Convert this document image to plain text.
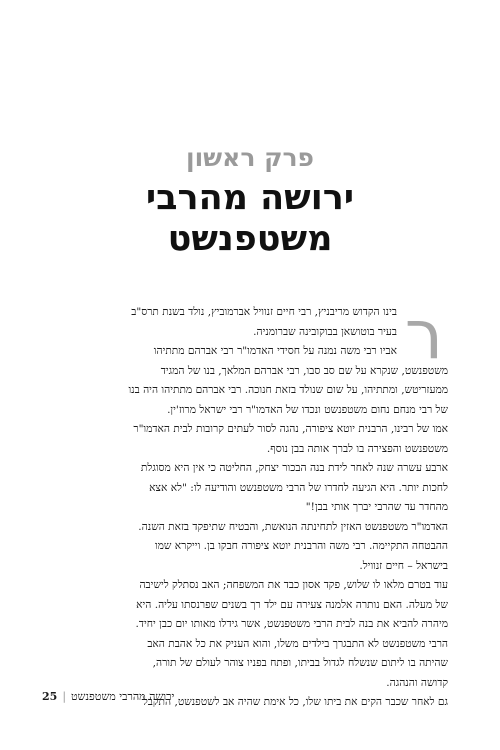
פרק ראשון
ירושה מהרבי
משטפנשט
ר
בינו הקדוש מריבניץ, רבי חיים זנוויל אברמוביץ, נולד בשנת תרס"ב
בעיר בוטושאן בבוקובינה שברומניה.
אביו רבי משה נמנה על חסידי האדמו"ר רבי אברהם מתתיהו
משטפנשט, שנקרא על שם סב סבו, רבי אברהם המלאך, בנו של המגיד
ממעזריטש, ומתתיהו, על שום שנולד בזאת חנוכה. רבי אברהם מתתיהו היה בנו
של רבי מנחם נחום משטפנשט ונכדו של האדמו"ר רבי ישראל מרוז'ין.
אמו של רבינו, הרבנית יוטא ציפורה, נהגה לסור לעתים קרובות לבית האדמו"ר
משטפנשט והפצירה בו לברך אותה בבן נוסף.
ארבע עשרה שנה לאחר לידת בנה הבכור יצחק, החליטה כי אין היא מסוגלת
לחכות יותר. היא הגיעה לחדרו של הרבי משטפנשט והודיעה לו: "לא אצא
מהחדר עד שהרבי יברך אותי בבן!"
האדמו"ר משטפנשט האזין לתחינתה הנואשת, והבטיח שתיפקד בזאת השנה.
ההבטחה התקיימה. רבי משה והרבנית יוטא ציפורה חבקו בן. וייקרא שמו
בישראל – חיים זנוויל.
עוד בטרם מלאו לו שלוש, פקד אסון כבד את המשפחה; האב נסתלק לישיבה
של מעלה. האם נותרה אלמנה צעירה עם ילד רך בשנים שפרנסתו עליה. היא
מיהרה להביא את בנה לבית הרבי משטפנשט, אשר גידלו מאותו יום כבן יחיד.
הרבי משטפנשט לא התבגרך בילדים משלו, והוא העניק את כל אהבת האב
שהיתה בו ליתום שנשלח לגדול בביתו, ופתח בפניו צוהר לעולם של תורה,
קדושה והנהגה.
גם לאחר שכבר הקים את ביתו שלו, כל אימת שהיה אב לשטפנשט, התקבל
25 | ירושה מהרבי משטפנשט
